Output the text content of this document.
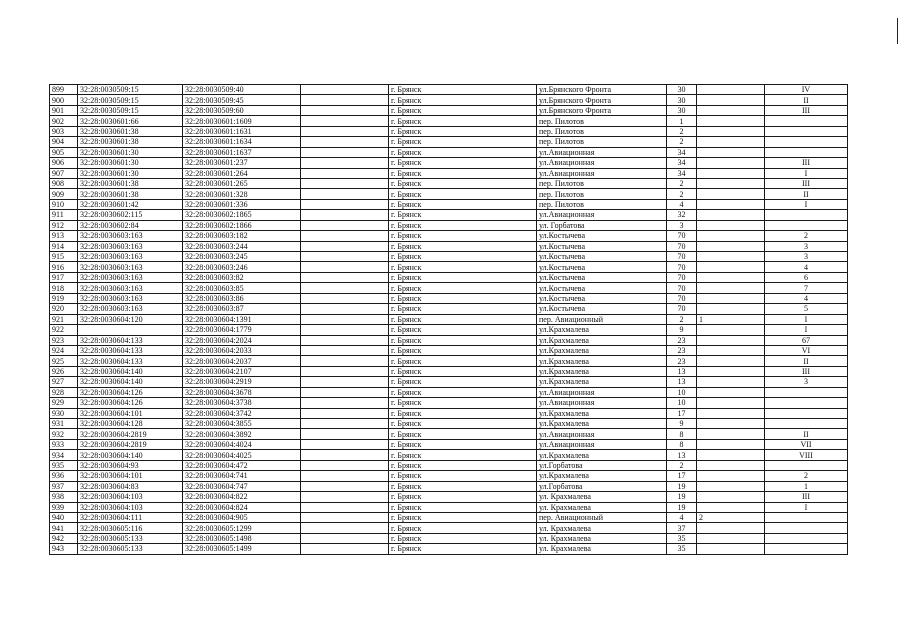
899	32:28:0030509:15	32:28:0030509:40		г. Брянск	ул.Брянского Фронта	30		IV
900	32:28:0030509:15	32:28:0030509:45		г. Брянск	ул.Брянского Фронта	30		II
901	32:28:0030509:15	32:28:0030509:60		г. Брянск	ул.Брянского Фронта	30		III
902	32:28:0030601:66	32:28:0030601:1609		г. Брянск	пер. Пилотов	1		
903	32:28:0030601:38	32:28:0030601:1631		г. Брянск	пер. Пилотов	2		
904	32:28:0030601:38	32:28:0030601:1634		г. Брянск	пер. Пилотов	2		
905	32:28:0030601:30	32:28:0030601:1637		г. Брянск	ул.Авиационная	34		
906	32:28:0030601:30	32:28:0030601:237		г. Брянск	ул.Авиационная	34		III
907	32:28:0030601:30	32:28:0030601:264		г. Брянск	ул.Авиационная	34		I
908	32:28:0030601:38	32:28:0030601:265		г. Брянск	пер. Пилотов	2		III
909	32:28:0030601:38	32:28:0030601:328		г. Брянск	пер. Пилотов	2		II
910	32:28:0030601:42	32:28:0030601:336		г. Брянск	пер. Пилотов	4		I
911	32:28:0030602:115	32:28:0030602:1865		г. Брянск	ул.Авиационная	32		
912	32:28:0030602:84	32:28:0030602:1866		г. Брянск	ул. Горбатова	3		
913	32:28:0030603:163	32:28:0030603:182		г. Брянск	ул.Костычева	70		2
914	32:28:0030603:163	32:28:0030603:244		г. Брянск	ул.Костычева	70		3
915	32:28:0030603:163	32:28:0030603:245		г. Брянск	ул.Костычева	70		3
916	32:28:0030603:163	32:28:0030603:246		г. Брянск	ул.Костычева	70		4
917	32:28:0030603:163	32:28:0030603:82		г. Брянск	ул.Костычева	70		6
918	32:28:0030603:163	32:28:0030603:85		г. Брянск	ул.Костычева	70		7
919	32:28:0030603:163	32:28:0030603:86		г. Брянск	ул.Костычева	70		4
920	32:28:0030603:163	32:28:0030603:87		г. Брянск	ул.Костычева	70		5
921	32:28:0030604:120	32:28:0030604:1391		г. Брянск	пер. Авиационный	2	1	I
922		32:28:0030604:1779		г. Брянск	ул.Крахмалева	9		I
923	32:28:0030604:133	32:28:0030604:2024		г. Брянск	ул.Крахмалева	23		67
924	32:28:0030604:133	32:28:0030604:2033		г. Брянск	ул.Крахмалева	23		VI
925	32:28:0030604:133	32:28:0030604:2037		г. Брянск	ул.Крахмалева	23		II
926	32:28:0030604:140	32:28:0030604:2107		г. Брянск	ул.Крахмалева	13		III
927	32:28:0030604:140	32:28:0030604:2919		г. Брянск	ул.Крахмалева	13		3
928	32:28:0030604:126	32:28:0030604:3678		г. Брянск	ул.Авиационная	10		
929	32:28:0030604:126	32:28:0030604:3738		г. Брянск	ул.Авиационная	10		
930	32:28:0030604:101	32:28:0030604:3742		г. Брянск	ул.Крахмалева	17		
931	32:28:0030604:128	32:28:0030604:3855		г. Брянск	ул.Крахмалева	9		
932	32:28:0030604:2819	32:28:0030604:3892		г. Брянск	ул.Авиационная	8		II
933	32:28:0030604:2819	32:28:0030604:4024		г. Брянск	ул.Авиационная	8		VII
934	32:28:0030604:140	32:28:0030604:4025		г. Брянск	ул.Крахмалева	13		VIII
935	32:28:0030604:93	32:28:0030604:472		г. Брянск	ул.Горбатова	2		
936	32:28:0030604:101	32:28:0030604:741		г. Брянск	ул.Крахмалева	17		2
937	32:28:0030604:83	32:28:0030604:747		г. Брянск	ул.Горбатова	19		1
938	32:28:0030604:103	32:28:0030604:822		г. Брянск	ул. Крахмалева	19		III
939	32:28:0030604:103	32:28:0030604:824		г. Брянск	ул. Крахмалева	19		I
940	32:28:0030604:111	32:28:0030604:905		г. Брянск	пер. Авиационный	4	2	
941	32:28:0030605:116	32:28:0030605:1299		г. Брянск	ул. Крахмалева	37		
942	32:28:0030605:133	32:28:0030605:1498		г. Брянск	ул. Крахмалева	35		
943	32:28:0030605:133	32:28:0030605:1499		г. Брянск	ул. Крахмалева	35		
